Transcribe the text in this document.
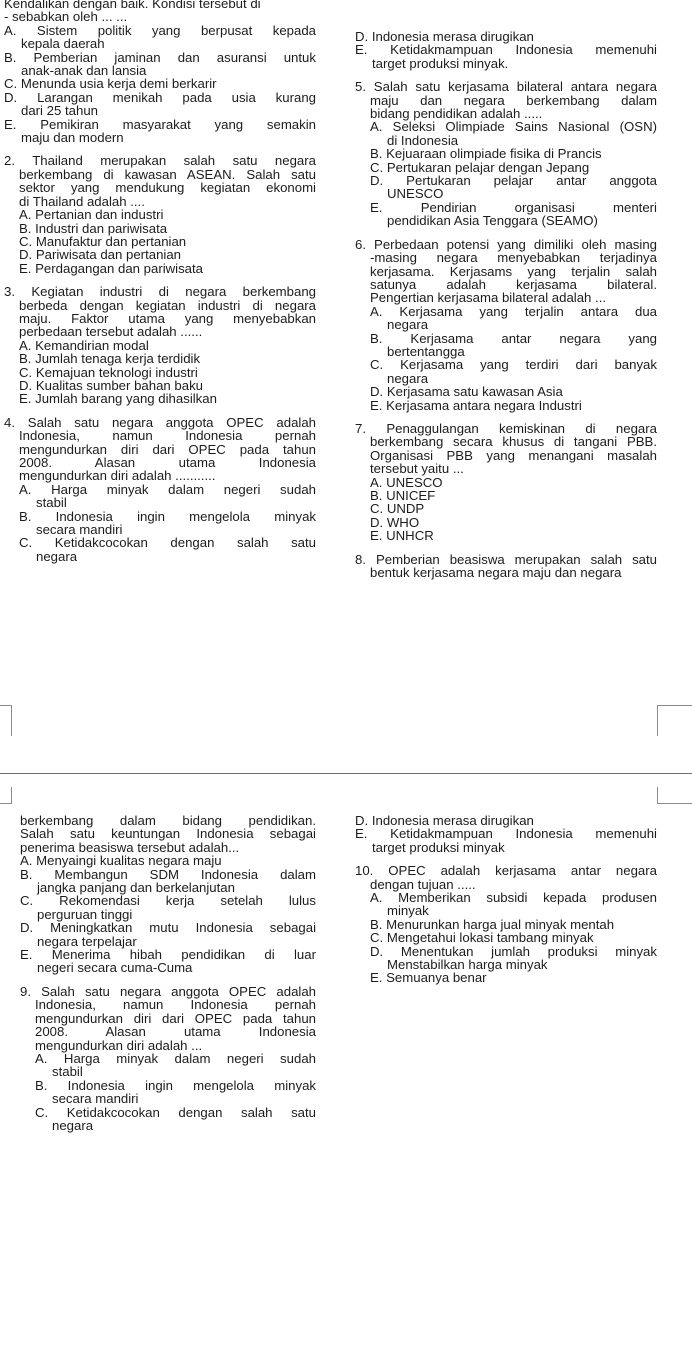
Kendalikan dengan baik. Kondisi tersebut di
- sebabkan oleh ... ...
A. Sistem politik yang berpusat kepada
kepala daerah
B. Pemberian jaminan dan asuransi untuk
anak-anak dan lansia
C. Menunda usia kerja demi berkarir
D. Larangan menikah pada usia kurang
dari 25 tahun
E. Pemikiran masyarakat yang semakin
maju dan modern
2. Thailand merupakan salah satu negara
berkembang di kawasan ASEAN. Salah satu
sektor yang mendukung kegiatan ekonomi
di Thailand adalah ....
A. Pertanian dan industri
B. Industri dan pariwisata
C. Manufaktur dan pertanian
D. Pariwisata dan pertanian
E. Perdagangan dan pariwisata
3. Kegiatan industri di negara berkembang
berbeda dengan kegiatan industri di negara
maju. Faktor utama yang menyebabkan
perbedaan tersebut adalah ......
A. Kemandirian modal
B. Jumlah tenaga kerja terdidik
C. Kemajuan teknologi industri
D. Kualitas sumber bahan baku
E. Jumlah barang yang dihasilkan
4. Salah satu negara anggota OPEC adalah
Indonesia, namun Indonesia pernah
mengundurkan diri dari OPEC pada tahun
2008. Alasan utama Indonesia
mengundurkan diri adalah ...........
A. Harga minyak dalam negeri sudah
stabil
B. Indonesia ingin mengelola minyak
secara mandiri
C. Ketidakcocokan dengan salah satu
negara
D. Indonesia merasa dirugikan
E. Ketidakmampuan Indonesia memenuhi
target produksi minyak.
5. Salah satu kerjasama bilateral antara negara
maju dan negara berkembang dalam
bidang pendidikan adalah .....
A. Seleksi Olimpiade Sains Nasional (OSN)
di Indonesia
B. Kejuaraan olimpiade fisika di Prancis
C. Pertukaran pelajar dengan Jepang
D. Pertukaran pelajar antar anggota
UNESCO
E. Pendirian organisasi menteri
pendidikan Asia Tenggara (SEAMO)
6. Perbedaan potensi yang dimiliki oleh masing
-masing negara menyebabkan terjadinya
kerjasama. Kerjasams yang terjalin salah
satunya adalah kerjasama bilateral.
Pengertian kerjasama bilateral adalah ...
A. Kerjasama yang terjalin antara dua
negara
B. Kerjasama antar negara yang
bertentangga
C. Kerjasama yang terdiri dari banyak
negara
D. Kerjasama satu kawasan Asia
E. Kerjasama antara negara Industri
7. Penaggulangan kemiskinan di negara
berkembang secara khusus di tangani PBB.
Organisasi PBB yang menangani masalah
tersebut yaitu ...
A. UNESCO
B. UNICEF
C. UNDP
D. WHO
E. UNHCR
8. Pemberian beasiswa merupakan salah satu
bentuk kerjasama negara maju dan negara
berkembang dalam bidang pendidikan.
Salah satu keuntungan Indonesia sebagai
penerima beasiswa tersebut adalah...
A. Menyaingi kualitas negara maju
B. Membangun SDM Indonesia dalam
jangka panjang dan berkelanjutan
C. Rekomendasi kerja setelah lulus
perguruan tinggi
D. Meningkatkan mutu Indonesia sebagai
negara terpelajar
E. Menerima hibah pendidikan di luar
negeri secara cuma-Cuma
9. Salah satu negara anggota OPEC adalah
Indonesia, namun Indonesia pernah
mengundurkan diri dari OPEC pada tahun
2008. Alasan utama Indonesia
mengundurkan diri adalah ...
A. Harga minyak dalam negeri sudah
stabil
B. Indonesia ingin mengelola minyak
secara mandiri
C. Ketidakcocokan dengan salah satu
negara
D. Indonesia merasa dirugikan
E. Ketidakmampuan Indonesia memenuhi
target produksi minyak
10. OPEC adalah kerjasama antar negara
dengan tujuan .....
A. Memberikan subsidi kepada produsen
minyak
B. Menurunkan harga jual minyak mentah
C. Mengetahui lokasi tambang minyak
D. Menentukan jumlah produksi minyak
Menstabilkan harga minyak
E. Semuanya benar
